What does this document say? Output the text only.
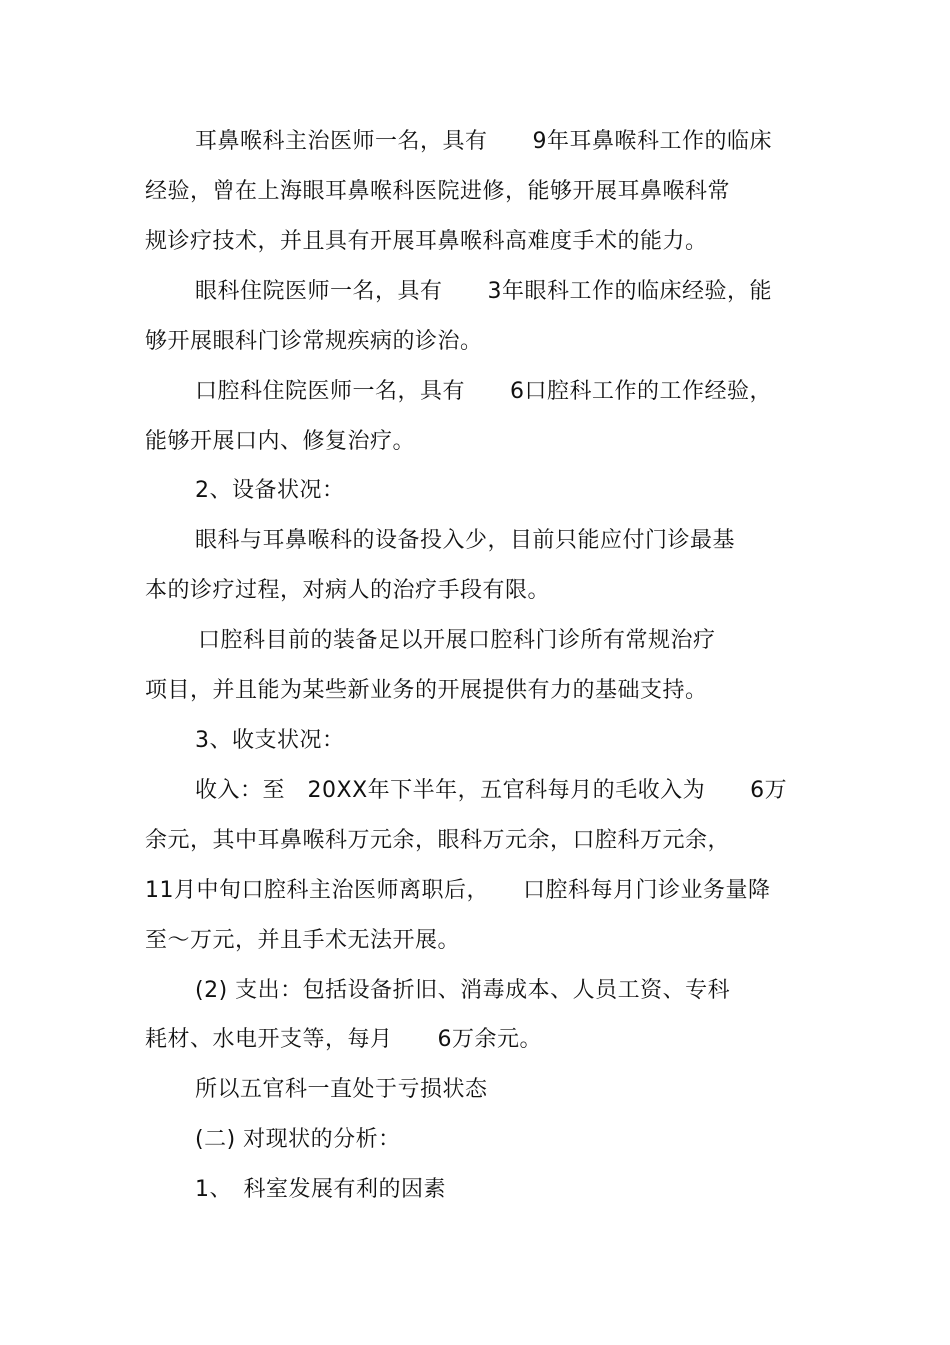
耳鼻喉科主治医师一名，具有　　9年耳鼻喉科工作的临床
经验，曾在上海眼耳鼻喉科医院进修，能够开展耳鼻喉科常
规诊疗技术，并且具有开展耳鼻喉科高难度手术的能力。
眼科住院医师一名，具有　　3年眼科工作的临床经验，能
够开展眼科门诊常规疾病的诊治。
口腔科住院医师一名，具有　　6口腔科工作的工作经验，
能够开展口内、修复治疗。
2、设备状况：
眼科与耳鼻喉科的设备投入少，目前只能应付门诊最基
本的诊疗过程，对病人的治疗手段有限。
口腔科目前的装备足以开展口腔科门诊所有常规治疗
项目，并且能为某些新业务的开展提供有力的基础支持。
3、收支状况：
收入：至　20XX年下半年，五官科每月的毛收入为　　6万
余元，其中耳鼻喉科万元余，眼科万元余，口腔科万元余，
11月中旬口腔科主治医师离职后，　　口腔科每月门诊业务量降
至～万元，并且手术无法开展。
(2) 支出：包括设备折旧、消毒成本、人员工资、专科
耗材、水电开支等，每月　　6万余元。
所以五官科一直处于亏损状态
(二) 对现状的分析：
1、　科室发展有利的因素
